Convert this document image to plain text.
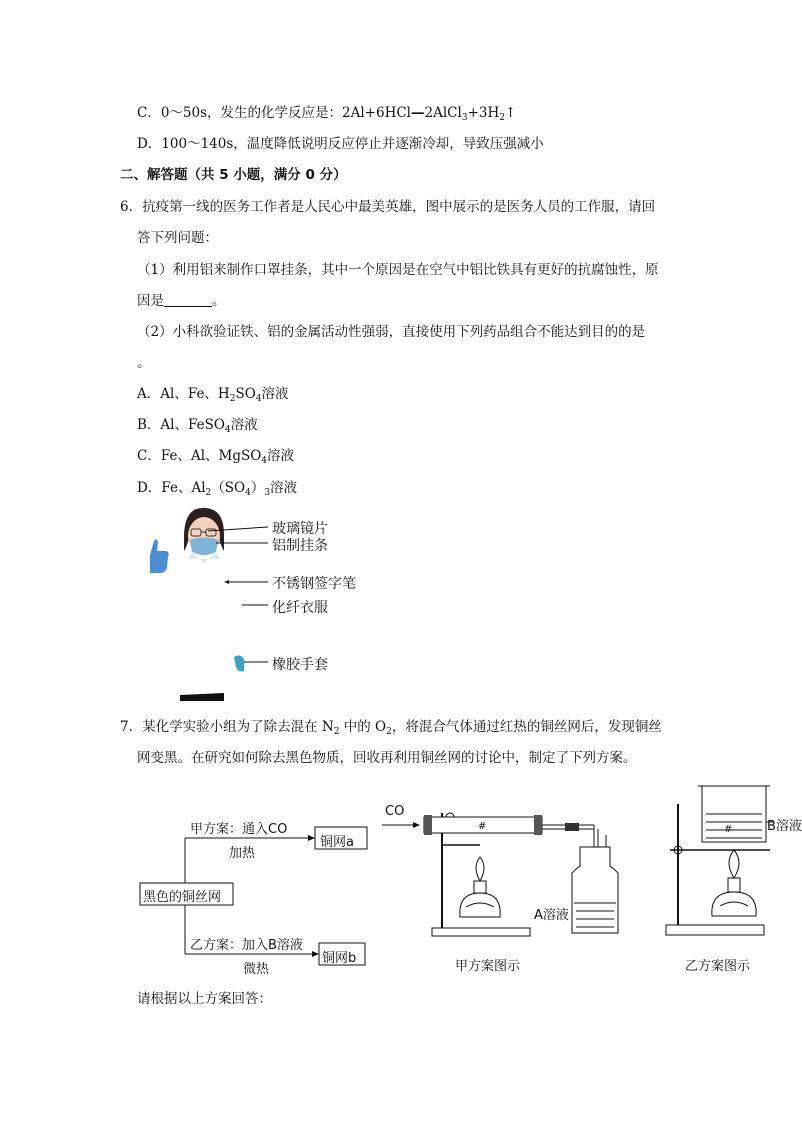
C．0～50s，发生的化学反应是：$2Al+6HCl—2AlCl_3+3H_2↑$
D．100～140s，温度降低说明反应停止并逐渐冷却，导致压强减小
二、解答题（共 5 小题，满分 0 分）
6．抗疫第一线的医务工作者是人民心中最美英雄，图中展示的是医务人员的工作服，请回
答下列问题：
（1）利用铝来制作口罩挂条，其中一个原因是在空气中铝比铁具有更好的抗腐蚀性，原
因是	。
（2）小科欲验证铁、铝的金属活动性强弱，直接使用下列药品组合不能达到目的的是
。
A．Al、Fe、$H_2SO_4$溶液
B．Al、FeSO$_4$溶液
C．Fe、Al、MgSO$_4$溶液
D．Fe、$Al_2(SO_4)_3$溶液
玻璃镜片
铝制挂条
不锈钢签字笔
化纤衣服
橡胶手套
7．某化学实验小组为了除去混在 $N_2$ 中的 $O_2$，将混合气体通过红热的铜丝网后，发现铜丝
网变黑。在研究如何除去黑色物质，回收再利用铜丝网的讨论中，制定了下列方案。
黑色的铜丝网
甲方案：通入CO
加热
铜网a
乙方案：加入B溶液
微热
铜网b
#
CO
A溶液
甲方案图示
#	B溶液
乙方案图示
请根据以上方案回答：
